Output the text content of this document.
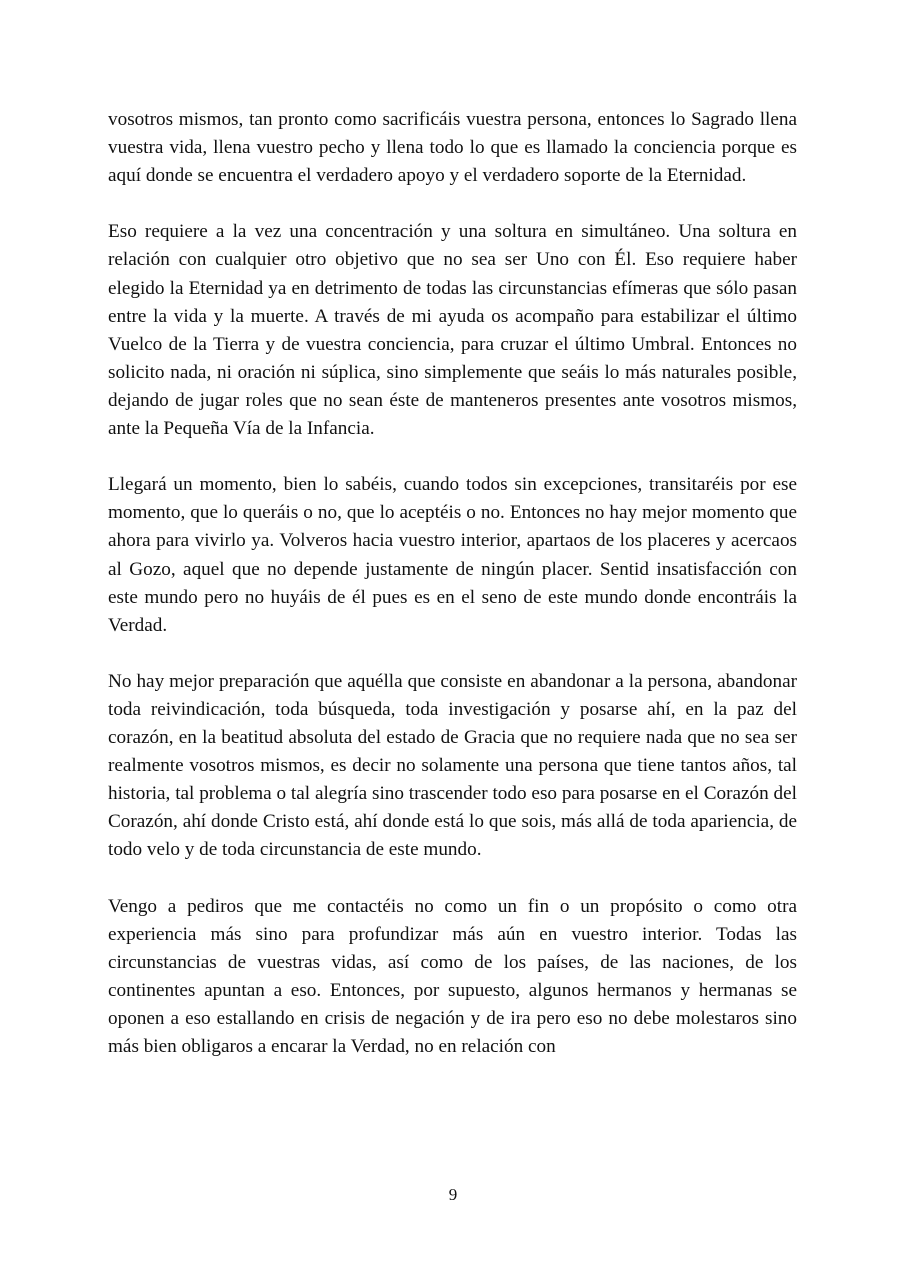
vosotros mismos, tan pronto como sacrificáis vuestra persona, entonces lo Sagrado llena vuestra vida, llena vuestro pecho y llena todo lo que es llamado la conciencia porque es aquí donde se encuentra el verdadero apoyo y el verdadero soporte de la Eternidad.

Eso requiere a la vez una concentración y una soltura en simultáneo. Una soltura en relación con cualquier otro objetivo que no sea ser Uno con Él. Eso requiere haber elegido la Eternidad ya en detrimento de todas las circunstancias efímeras que sólo pasan entre la vida y la muerte. A través de mi ayuda os acompaño para estabilizar el último Vuelco de la Tierra y de vuestra conciencia, para cruzar el último Umbral. Entonces no solicito nada, ni oración ni súplica, sino simplemente que seáis lo más naturales posible, dejando de jugar roles que no sean éste de manteneros presentes ante vosotros mismos, ante la Pequeña Vía de la Infancia.

Llegará un momento, bien lo sabéis, cuando todos sin excepciones, transitaréis por ese momento, que lo queráis o no, que lo aceptéis o no. Entonces no hay mejor momento que ahora para vivirlo ya. Volveros hacia vuestro interior, apartaos de los placeres y acercaos al Gozo, aquel que no depende justamente de ningún placer. Sentid insatisfacción con este mundo pero no huyáis de él pues es en el seno de este mundo donde encontráis la Verdad.

No hay mejor preparación que aquélla que consiste en abandonar a la persona, abandonar toda reivindicación, toda búsqueda, toda investigación y posarse ahí, en la paz del corazón, en la beatitud absoluta del estado de Gracia que no requiere nada que no sea ser realmente vosotros mismos, es decir no solamente una persona que tiene tantos años, tal historia, tal problema o tal alegría sino trascender todo eso para posarse en el Corazón del Corazón, ahí donde Cristo está, ahí donde está lo que sois, más allá de toda apariencia, de todo velo y de toda circunstancia de este mundo.

Vengo a pediros que me contactéis no como un fin o un propósito o como otra experiencia más sino para profundizar más aún en vuestro interior. Todas las circunstancias de vuestras vidas, así como de los países, de las naciones, de los continentes apuntan a eso. Entonces, por supuesto, algunos hermanos y hermanas se oponen a eso estallando en crisis de negación y de ira pero eso no debe molestaros sino más bien obligaros a encarar la Verdad, no en relación con

9
